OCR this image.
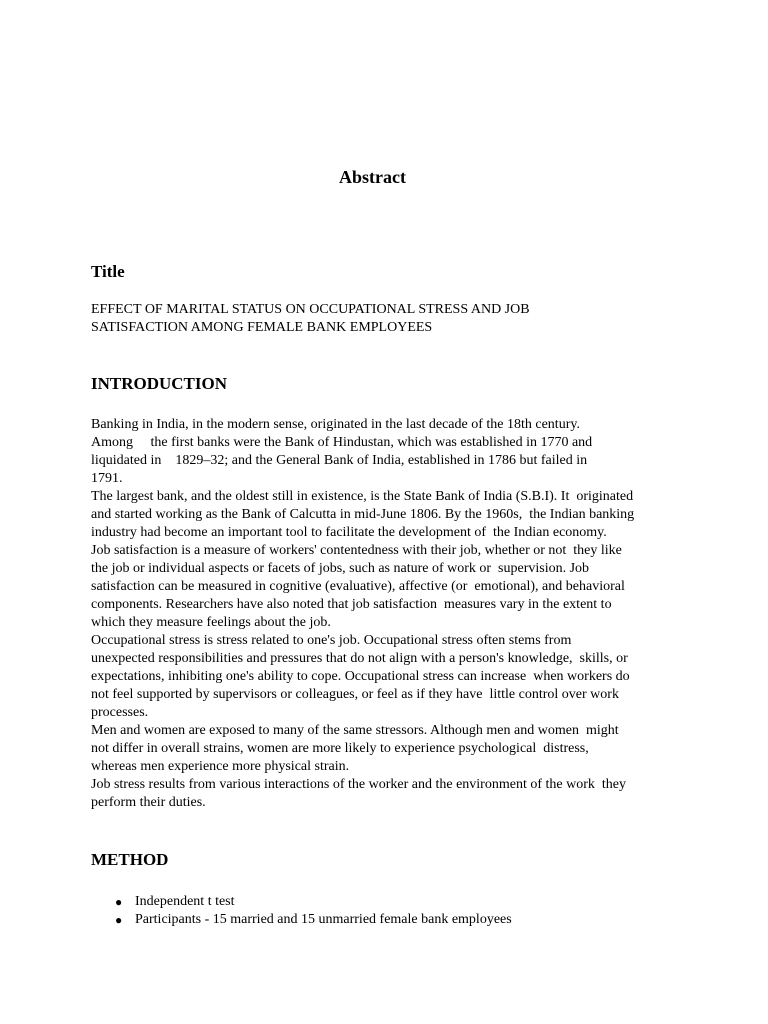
Abstract
Title
EFFECT OF MARITAL STATUS ON OCCUPATIONAL STRESS AND JOB
SATISFACTION AMONG FEMALE BANK EMPLOYEES
INTRODUCTION
Banking in India, in the modern sense, originated in the last decade of the 18th century.
Among     the first banks were the Bank of Hindustan, which was established in 1770 and
liquidated in    1829–32; and the General Bank of India, established in 1786 but failed in
1791.
The largest bank, and the oldest still in existence, is the State Bank of India (S.B.I). It  originated
and started working as the Bank of Calcutta in mid-June 1806. By the 1960s,  the Indian banking
industry had become an important tool to facilitate the development of  the Indian economy.
Job satisfaction is a measure of workers' contentedness with their job, whether or not  they like
the job or individual aspects or facets of jobs, such as nature of work or  supervision. Job
satisfaction can be measured in cognitive (evaluative), affective (or  emotional), and behavioral
components. Researchers have also noted that job satisfaction  measures vary in the extent to
which they measure feelings about the job.
Occupational stress is stress related to one's job. Occupational stress often stems from
unexpected responsibilities and pressures that do not align with a person's knowledge,  skills, or
expectations, inhibiting one's ability to cope. Occupational stress can increase  when workers do
not feel supported by supervisors or colleagues, or feel as if they have  little control over work
processes.
Men and women are exposed to many of the same stressors. Although men and women  might
not differ in overall strains, women are more likely to experience psychological  distress,
whereas men experience more physical strain.
Job stress results from various interactions of the worker and the environment of the work  they
perform their duties.
METHOD
● Independent t test
● Participants - 15 married and 15 unmarried female bank employees
